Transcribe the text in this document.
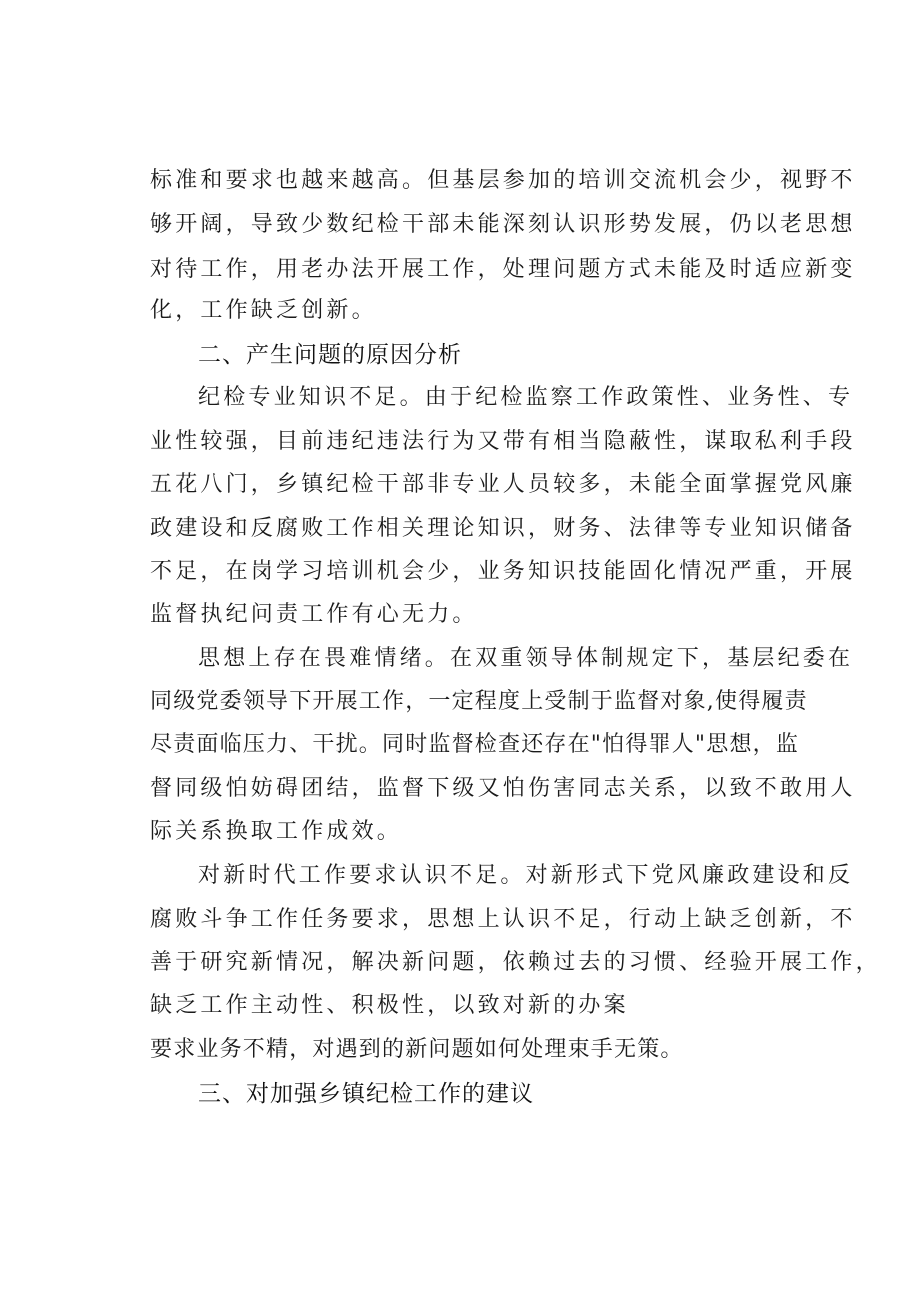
标准和要求也越来越高。但基层参加的培训交流机会少，视野不
够开阔，导致少数纪检干部未能深刻认识形势发展，仍以老思想
对待工作，用老办法开展工作，处理问题方式未能及时适应新变
化，工作缺乏创新。
二、产生问题的原因分析
纪检专业知识不足。由于纪检监察工作政策性、业务性、专
业性较强，目前违纪违法行为又带有相当隐蔽性，谋取私利手段
五花八门，乡镇纪检干部非专业人员较多，未能全面掌握党风廉
政建设和反腐败工作相关理论知识，财务、法律等专业知识储备
不足，在岗学习培训机会少，业务知识技能固化情况严重，开展
监督执纪问责工作有心无力。
思想上存在畏难情绪。在双重领导体制规定下，基层纪委在
同级党委领导下开展工作，一定程度上受制于监督对象,使得履责
尽责面临压力、干扰。同时监督检查还存在"怕得罪人"思想，监
督同级怕妨碍团结，监督下级又怕伤害同志关系，以致不敢用人
际关系换取工作成效。
对新时代工作要求认识不足。对新形式下党风廉政建设和反
腐败斗争工作任务要求，思想上认识不足，行动上缺乏创新，不
善于研究新情况，解决新问题，依赖过去的习惯、经验开展工作，
缺乏工作主动性、积极性，以致对新的办案
要求业务不精，对遇到的新问题如何处理束手无策。
三、对加强乡镇纪检工作的建议
